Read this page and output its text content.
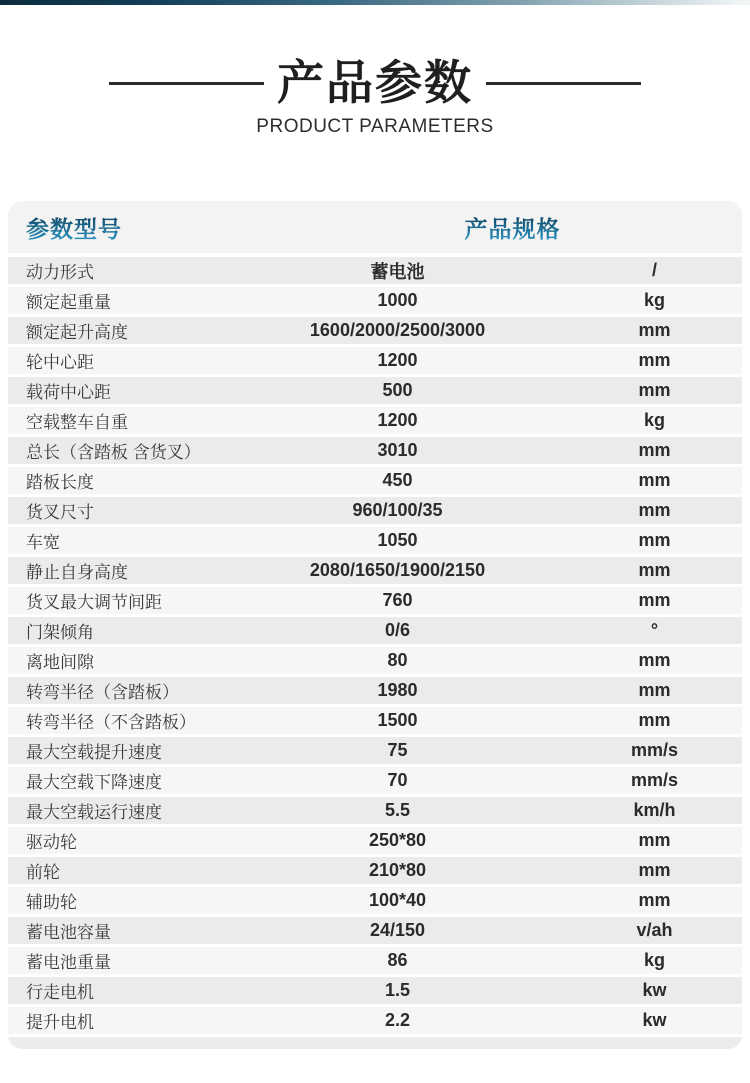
产品参数
PRODUCT PARAMETERS
参数型号	产品规格
动力形式	蓄电池	/
额定起重量	1000	kg
额定起升高度	1600/2000/2500/3000	mm
轮中心距	1200	mm
载荷中心距	500	mm
空载整车自重	1200	kg
总长（含踏板 含货叉）	3010	mm
踏板长度	450	mm
货叉尺寸	960/100/35	mm
车宽	1050	mm
静止自身高度	2080/1650/1900/2150	mm
货叉最大调节间距	760	mm
门架倾角	0/6	°
离地间隙	80	mm
转弯半径（含踏板）	1980	mm
转弯半径（不含踏板）	1500	mm
最大空载提升速度	75	mm/s
最大空载下降速度	70	mm/s
最大空载运行速度	5.5	km/h
驱动轮	250*80	mm
前轮	210*80	mm
辅助轮	100*40	mm
蓄电池容量	24/150	v/ah
蓄电池重量	86	kg
行走电机	1.5	kw
提升电机	2.2	kw
